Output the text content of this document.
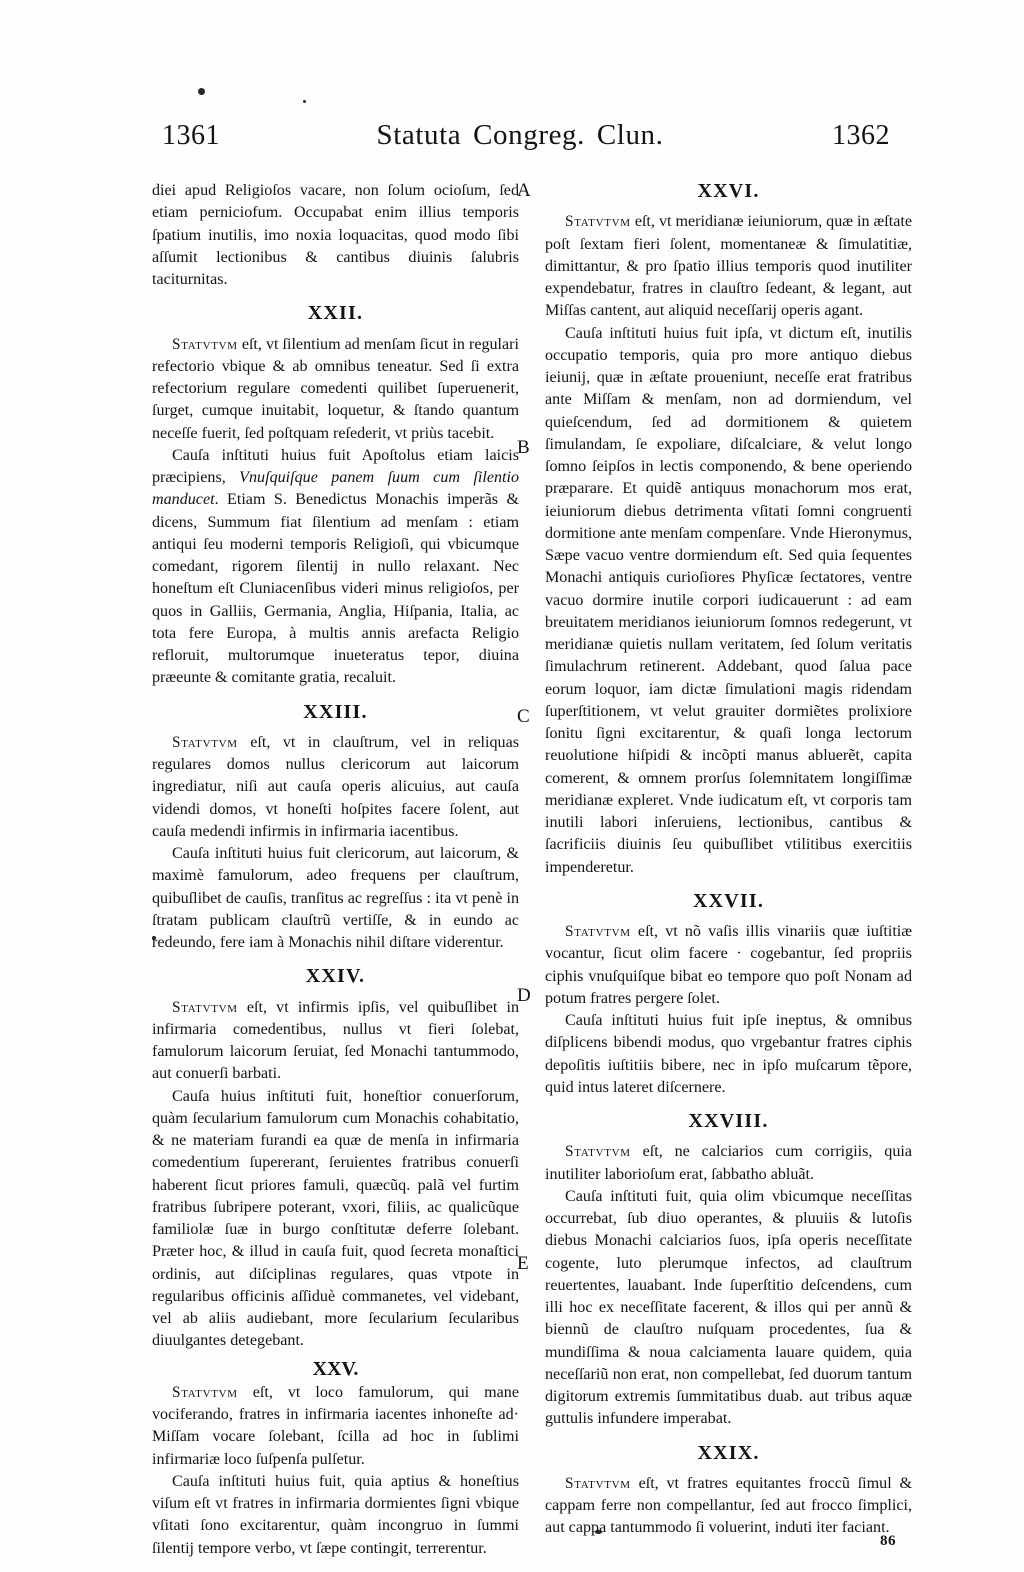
1361	Statuta Congreg. Clun.	1362
A
B
C
D
E

diei apud Religioſos vacare, non ſolum ocioſum, ſed etiam perniciofum. Occupabat enim illius temporis ſpatium inutilis, imo noxia loquacitas, quod modo ſibi aſſumit lectionibus & cantibus diuinis ſalubris taciturnitas.

XXII.

Statvtvm eſt, vt ſilentium ad menſam ſicut in regulari refectorio vbique & ab omnibus teneatur. Sed ſi extra refectorium regulare comedenti quilibet ſuperuenerit, ſurget, cumque inuitabit, loquetur, & ſtando quantum neceſſe fuerit, ſed poſtquam reſederit, vt priùs tacebit.

Cauſa inſtituti huius fuit Apoſtolus etiam laicis præcipiens, Vnuſquiſque panem ſuum cum ſilentio manducet. Etiam S. Benedictus Monachis imperãs & dicens, Summum fiat ſilentium ad menſam : etiam antiqui ſeu moderni temporis Religioſi, qui vbicumque comedant, rigorem ſilentij in nullo relaxant. Nec honeſtum eſt Cluniacenſibus videri minus religioſos, per quos in Galliis, Germania, Anglia, Hiſpania, Italia, ac tota fere Europa, à multis annis arefacta Religio refloruit, multorumque inueteratus tepor, diuina præeunte & comitante gratia, recaluit.

XXIII.

Statvtvm eſt, vt in clauſtrum, vel in reliquas regulares domos nullus clericorum aut laicorum ingrediatur, niſi aut cauſa operis alicuius, aut cauſa videndi domos, vt honeſti hoſpites facere ſolent, aut cauſa medendi infirmis in infirmaria iacentibus.

Cauſa inſtituti huius fuit clericorum, aut laicorum, & maximè famulorum, adeo frequens per clauſtrum, quibuſlibet de cauſis, tranſitus ac regreſſus : ita vt penè in ſtratam publicam clauſtrũ vertiſſe, & in eundo ac redeundo, fere iam à Monachis nihil diſtare viderentur.

XXIV.

Statvtvm eſt, vt infirmis ipſis, vel quibuſlibet in infirmaria comedentibus, nullus vt fieri ſolebat, famulorum laicorum ſeruiat, ſed Monachi tantummodo, aut conuerſi barbati.

Cauſa huius inſtituti fuit, honeſtior conuerſorum, quàm ſecularium famulorum cum Monachis cohabitatio, & ne materiam furandi ea quæ de menſa in infirmaria comedentium ſupererant, ſeruientes fratribus conuerſi haberent ſicut priores famuli, quæcũq. palã vel furtim fratribus ſubripere poterant, vxori, filiis, ac qualicũque familiolæ ſuæ in burgo conſtitutæ deferre ſolebant. Præter hoc, & illud in cauſa fuit, quod ſecreta monaſtici ordinis, aut diſciplinas regulares, quas vtpote in regularibus officinis aſſiduè commanetes, vel videbant, vel ab aliis audiebant, more ſecularium ſecularibus diuulgantes detegebant.

XXV.

Statvtvm eſt, vt loco famulorum, qui mane vociferando, fratres in infirmaria iacentes inhoneſte ad· Miſſam vocare ſolebant, ſcilla ad hoc in ſublimi infirmariæ loco ſuſpenſa pulſetur.

Cauſa inſtituti huius fuit, quia aptius & honeſtius viſum eſt vt fratres in infirmaria dormientes ſigni vbique vſitati ſono excitarentur, quàm incongruo in ſummi ſilentij tempore verbo, vt ſæpe contingit, terrerentur.

XXVI.

Statvtvm eſt, vt meridianæ ieiuniorum, quæ in æſtate poſt ſextam fieri ſolent, momentaneæ & ſimulatitiæ, dimittantur, & pro ſpatio illius temporis quod inutiliter expendebatur, fratres in clauſtro ſedeant, & legant, aut Miſſas cantent, aut aliquid neceſſarij operis agant.

Cauſa inſtituti huius fuit ipſa, vt dictum eſt, inutilis occupatio temporis, quia pro more antiquo diebus ieiunij, quæ in æſtate proueniunt, neceſſe erat fratribus ante Miſſam & menſam, non ad dormiendum, vel quieſcendum, ſed ad dormitionem & quietem ſimulandam, ſe expoliare, diſcalciare, & velut longo ſomno ſeipſos in lectis componendo, & bene operiendo præparare. Et quidẽ antiquus monachorum mos erat, ieiuniorum diebus detrimenta vſitati ſomni congruenti dormitione ante menſam compenſare. Vnde Hieronymus, Sæpe vacuo ventre dormiendum eſt. Sed quia ſequentes Monachi antiquis curioſiores Phyſicæ ſectatores, ventre vacuo dormire inutile corpori iudicauerunt : ad eam breuitatem meridianos ieiuniorum ſomnos redegerunt, vt meridianæ quietis nullam veritatem, ſed ſolum veritatis ſimulachrum retinerent. Addebant, quod ſalua pace eorum loquor, iam dictæ ſimulationi magis ridendam ſuperſtitionem, vt velut grauiter dormiẽtes prolixiore ſonitu ſigni excitarentur, & quaſi longa lectorum reuolutione hiſpidi & incõpti manus abluerẽt, capita comerent, & omnem prorſus ſolemnitatem longiſſimæ meridianæ expleret. Vnde iudicatum eſt, vt corporis tam inutili labori inſeruiens, lectionibus, cantibus & ſacrificiis diuinis ſeu quibuſlibet vtilitibus exercitiis impenderetur.

XXVII.

Statvtvm eſt, vt nõ vaſis illis vinariis quæ iuſtitiæ vocantur, ſicut olim facere · cogebantur, ſed propriis ciphis vnuſquiſque bibat eo tempore quo poſt Nonam ad potum fratres pergere ſolet.

Cauſa inſtituti huius fuit ipſe ineptus, & omnibus diſplicens bibendi modus, quo vrgebantur fratres ciphis depoſitis iuſtitiis bibere, nec in ipſo muſcarum tẽpore, quid intus lateret diſcernere.

XXVIII.

Statvtvm eſt, ne calciarios cum corrigiis, quia inutiliter laborioſum erat, ſabbatho abluãt.

Cauſa inſtituti fuit, quia olim vbicumque neceſſitas occurrebat, ſub diuo operantes, & pluuiis & lutoſis diebus Monachi calciarios ſuos, ipſa operis neceſſitate cogente, luto plerumque infectos, ad clauſtrum reuertentes, lauabant. Inde ſuperſtitio deſcendens, cum illi hoc ex neceſſitate facerent, & illos qui per annũ & biennũ de clauſtro nuſquam procedentes, ſua & mundiſſima & noua calciamenta lauare quidem, quia neceſſariũ non erat, non compellebat, ſed duorum tantum digitorum extremis ſummitatibus duab. aut tribus aquæ guttulis infundere imperabat.

XXIX.

Statvtvm eſt, vt fratres equitantes froccũ ſimul & cappam ferre non compellantur, ſed aut frocco ſimplici, aut cappa tantummodo ſi voluerint, induti iter faciant.

86
